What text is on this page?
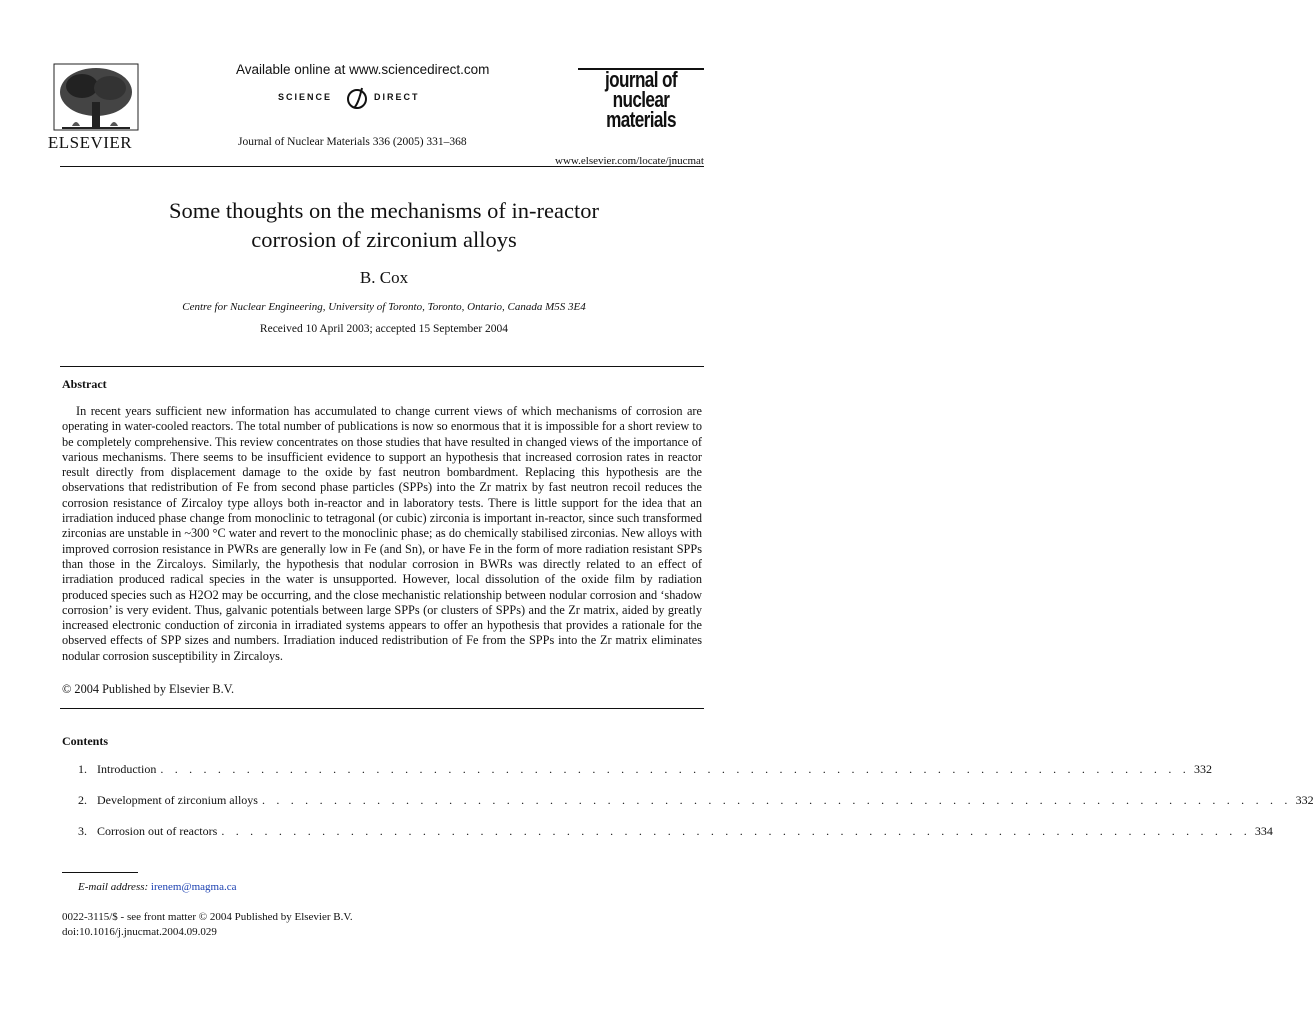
ELSEVIER
Available online at www.sciencedirect.com
SCIENCE	DIRECT
Journal of Nuclear Materials 336 (2005) 331–368
journal of
nuclear
materials
www.elsevier.com/locate/jnucmat
Some thoughts on the mechanisms of in-reactor
corrosion of zirconium alloys
B. Cox
Centre for Nuclear Engineering, University of Toronto, Toronto, Ontario, Canada M5S 3E4
Received 10 April 2003; accepted 15 September 2004
Abstract
In recent years sufficient new information has accumulated to change current views of which mechanisms of corrosion are operating in water-cooled reactors. The total number of publications is now so enormous that it is impossible for a short review to be completely comprehensive. This review concentrates on those studies that have resulted in changed views of the importance of various mechanisms. There seems to be insufficient evidence to support an hypothesis that increased corrosion rates in reactor result directly from displacement damage to the oxide by fast neutron bombardment. Replacing this hypothesis are the observations that redistribution of Fe from second phase particles (SPPs) into the Zr matrix by fast neutron recoil reduces the corrosion resistance of Zircaloy type alloys both in-reactor and in laboratory tests. There is little support for the idea that an irradiation induced phase change from monoclinic to tetragonal (or cubic) zirconia is important in-reactor, since such transformed zirconias are unstable in ~300 °C water and revert to the monoclinic phase; as do chemically stabilised zirconias. New alloys with improved corrosion resistance in PWRs are generally low in Fe (and Sn), or have Fe in the form of more radiation resistant SPPs than those in the Zircaloys. Similarly, the hypothesis that nodular corrosion in BWRs was directly related to an effect of irradiation produced radical species in the water is unsupported. However, local dissolution of the oxide film by radiation produced species such as H2O2 may be occurring, and the close mechanistic relationship between nodular corrosion and ‘shadow corrosion’ is very evident. Thus, galvanic potentials between large SPPs (or clusters of SPPs) and the Zr matrix, aided by greatly increased electronic conduction of zirconia in irradiated systems appears to offer an hypothesis that provides a rationale for the observed effects of SPP sizes and numbers. Irradiation induced redistribution of Fe from the SPPs into the Zr matrix eliminates nodular corrosion susceptibility in Zircaloys.
© 2004 Published by Elsevier B.V.
Contents
1. Introduction . . . . . . . . . . . . . . . . . . . . . . . . . . . . . . . . . . . . . . . . . . . . . . . . . . . . . . . . . . . . . . . . . . . . . . . . 332
2. Development of zirconium alloys . . . . . . . . . . . . . . . . . . . . . . . . . . . . . . . . . . . . . . . . . . . . . . . . . . . . . . . . . . . . . . . . . . . . . . . . 332
3. Corrosion out of reactors . . . . . . . . . . . . . . . . . . . . . . . . . . . . . . . . . . . . . . . . . . . . . . . . . . . . . . . . . . . . . . . . . . . . . . . . 334
E-mail address: irenem@magma.ca
0022-3115/$ - see front matter © 2004 Published by Elsevier B.V.
doi:10.1016/j.jnucmat.2004.09.029
